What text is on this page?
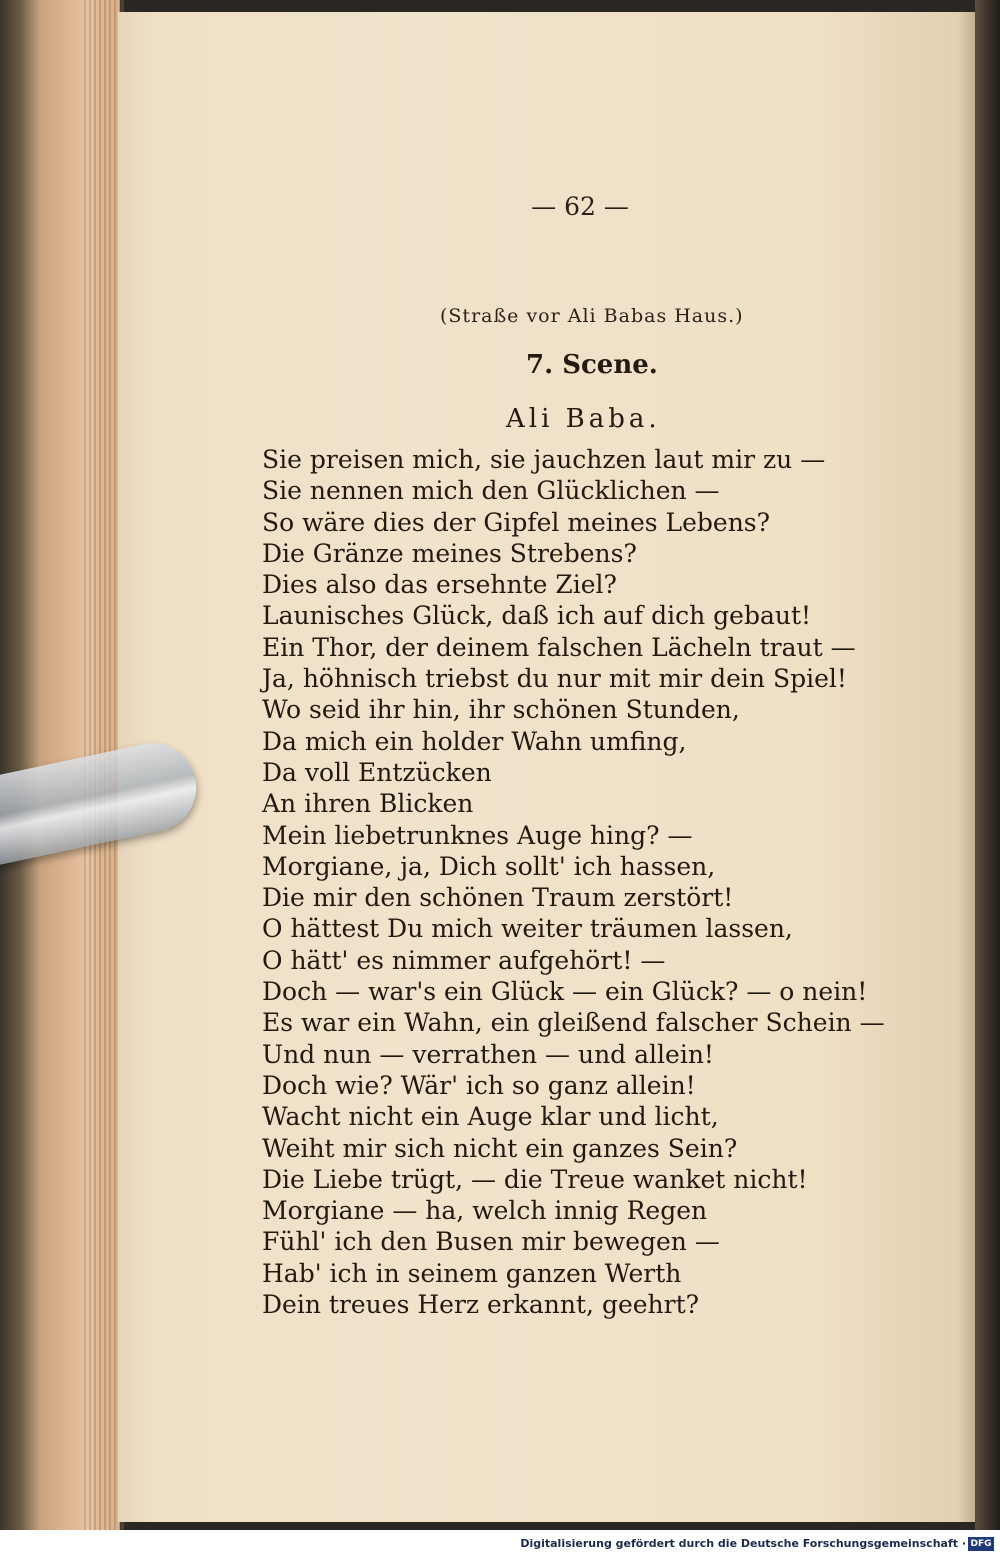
— 62 —
(Straße vor Ali Babas Haus.)
7. Scene.
Ali Baba.
Sie preisen mich, sie jauchzen laut mir zu —
Sie nennen mich den Glücklichen —
So wäre dies der Gipfel meines Lebens?
Die Gränze meines Strebens?
Dies also das ersehnte Ziel?
Launisches Glück, daß ich auf dich gebaut!
Ein Thor, der deinem falschen Lächeln traut —
Ja, höhnisch triebst du nur mit mir dein Spiel!
Wo seid ihr hin, ihr schönen Stunden,
Da mich ein holder Wahn umfing,
Da voll Entzücken
An ihren Blicken
Mein liebetrunknes Auge hing? —
Morgiane, ja, Dich sollt' ich hassen,
Die mir den schönen Traum zerstört!
O hättest Du mich weiter träumen lassen,
O hätt' es nimmer aufgehört! —
Doch — war's ein Glück — ein Glück? — o nein!
Es war ein Wahn, ein gleißend falscher Schein —
Und nun — verrathen — und allein!
Doch wie? Wär' ich so ganz allein!
Wacht nicht ein Auge klar und licht,
Weiht mir sich nicht ein ganzes Sein?
Die Liebe trügt, — die Treue wanket nicht!
Morgiane — ha, welch innig Regen
Fühl' ich den Busen mir bewegen —
Hab' ich in seinem ganzen Werth
Dein treues Herz erkannt, geehrt?
Digitalisierung gefördert durch die Deutsche Forschungsgemeinschaft · DFG
